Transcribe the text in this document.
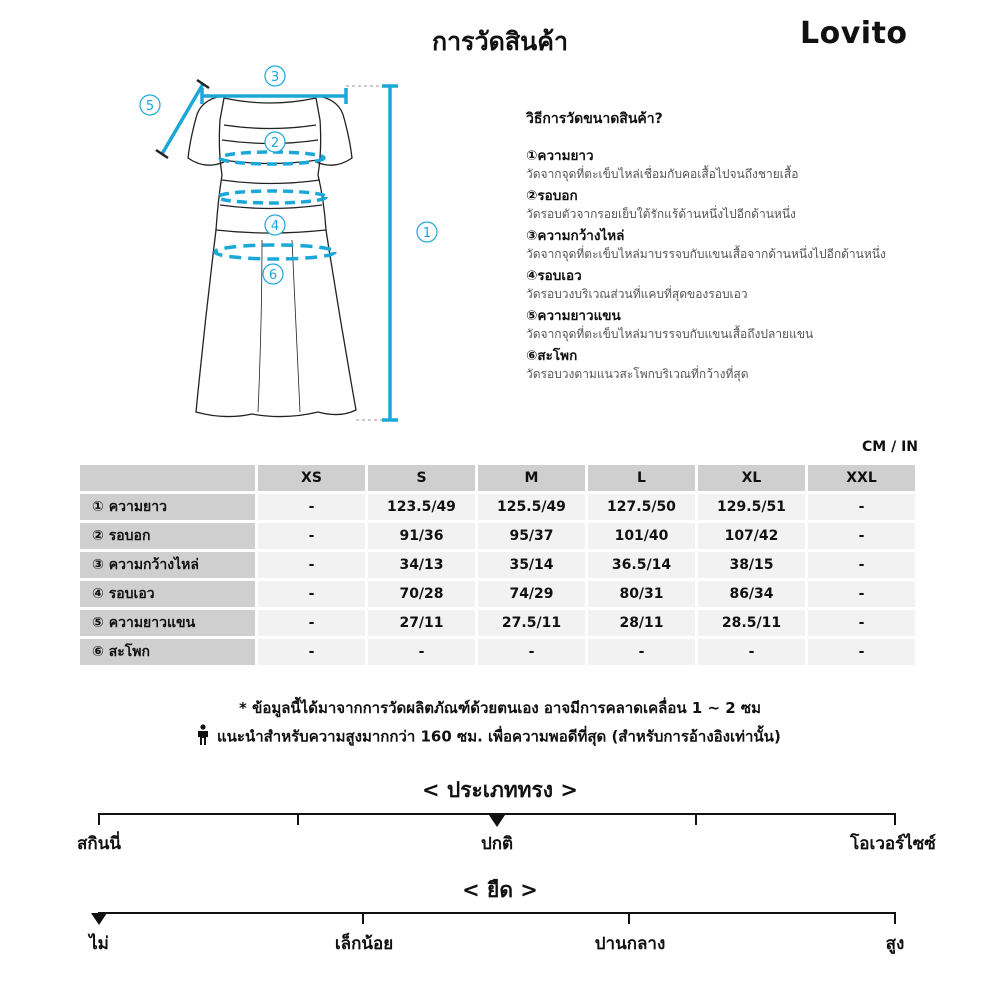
การวัดสินค้า	Lovito
3
5
1
2
4
6
วิธีการวัดขนาดสินค้า?
①ความยาว
วัดจากจุดที่ตะเข็บไหล่เชื่อมกับคอเสื้อไปจนถึงชายเสื้อ
②รอบอก
วัดรอบตัวจากรอยเย็บใต้รักแร้ด้านหนึ่งไปอีกด้านหนึ่ง
③ความกว้างไหล่
วัดจากจุดที่ตะเข็บไหล่มาบรรจบกับแขนเสื้อจากด้านหนึ่งไปอีกด้านหนึ่ง
④รอบเอว
วัดรอบวงบริเวณส่วนที่แคบที่สุดของรอบเอว
⑤ความยาวแขน
วัดจากจุดที่ตะเข็บไหล่มาบรรจบกับแขนเสื้อถึงปลายแขน
⑥สะโพก
วัดรอบวงตามแนวสะโพกบริเวณที่กว้างที่สุด
CM / IN
	XS	S	M	L	XL	XXL
① ความยาว	-	123.5/49	125.5/49	127.5/50	129.5/51	-
② รอบอก	-	91/36	95/37	101/40	107/42	-
③ ความกว้างไหล่	-	34/13	35/14	36.5/14	38/15	-
④ รอบเอว	-	70/28	74/29	80/31	86/34	-
⑤ ความยาวแขน	-	27/11	27.5/11	28/11	28.5/11	-
⑥ สะโพก	-	-	-	-	-	-
* ข้อมูลนี้ได้มาจากการวัดผลิตภัณฑ์ด้วยตนเอง อาจมีการคลาดเคลื่อน 1 ~ 2 ซม
แนะนำสำหรับความสูงมากกว่า 160 ซม. เพื่อความพอดีที่สุด (สำหรับการอ้างอิงเท่านั้น)
< ประเภททรง >
สกินนี่	ปกติ	โอเวอร์ไซซ์
< ยืด >
ไม่	เล็กน้อย	ปานกลาง	สูง
